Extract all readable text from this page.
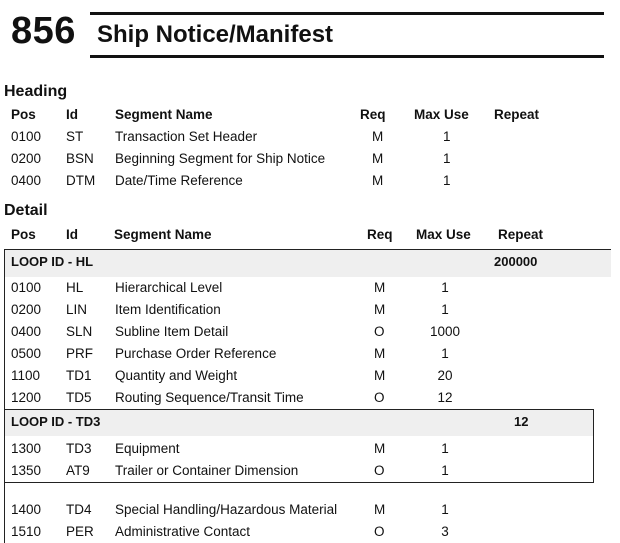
856 Ship Notice/Manifest
Heading
Pos Id	Segment Name	Req Max Use Repeat
0100 ST Transaction Set Header	M	1
0200 BSN Beginning Segment for Ship Notice	M	1
0400 DTM Date/Time Reference	M	1
Detail
Pos Id	Segment Name	Req Max Use Repeat
LOOP ID - HL	200000
0100 HL Hierarchical Level	M	1
0200 LIN Item Identification	M	1
0400 SLN Subline Item Detail	O	1000
0500 PRF Purchase Order Reference	M	1
1100 TD1 Quantity and Weight	M	20
1200 TD5 Routing Sequence/Transit Time	O	12
LOOP ID - TD3	12
1300 TD3 Equipment	M	1
1350 AT9 Trailer or Container Dimension	O	1
1400 TD4 Special Handling/Hazardous Material	M	1
1510 PER Administrative Contact	O	3
